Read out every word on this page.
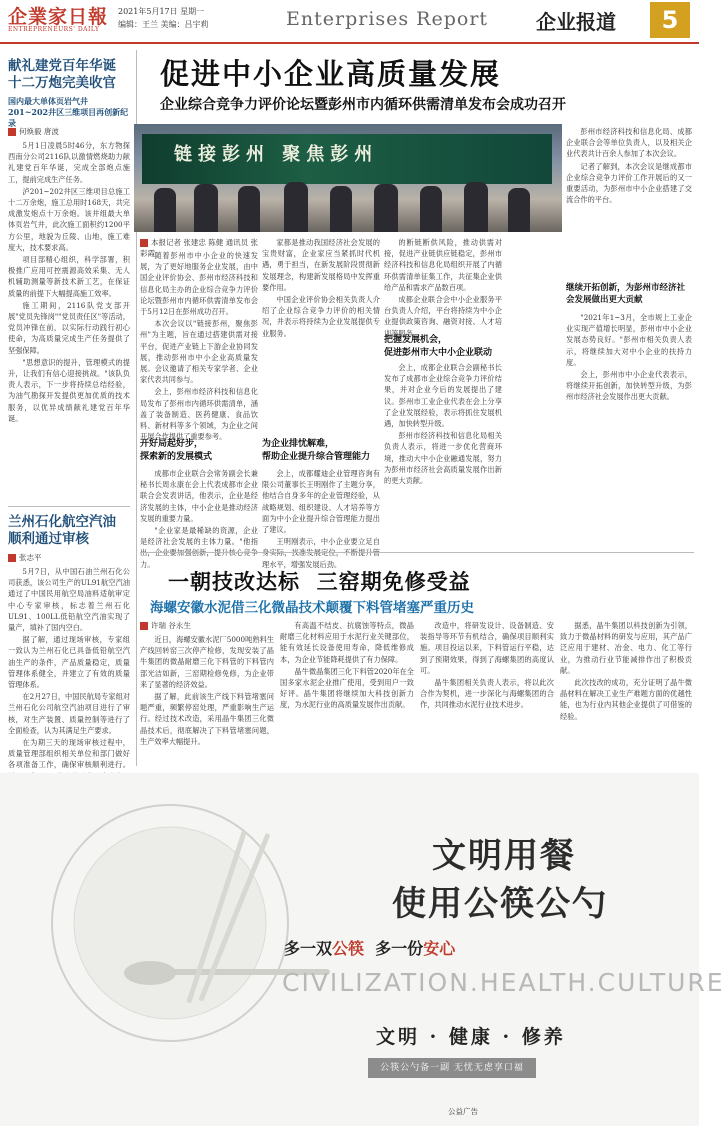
企業家日報
ENTREPRENEURS' DAILY
2021年5月17日 星期一
编辑：王兰 美编：吕宇莉	Enterprises Report 企业报道	5
献礼建党百年华诞
十二万炮完美收官
国内最大单体页岩气井 201~202井区三维项目再创新纪录
何焕毅 唐波

5月1日凌晨5时46分，东方物探西南分公司2116队以激情燃烧助力献礼建党百年华诞，完成全部炮点施工，提前完成生产任务。

泸201~202井区三维项目总施工十二万余炮，施工总用时168天，共完成激发炮点十万余炮。该井组最大单体页岩气井，此次施工面积约1200平方公里，地貌为丘陵、山地，施工难度大，技术要求高。

项目部精心组织，科学部署，积极推广应用可控震源高效采集、无人机辅助测量等新技术新工艺，在保证质量的前提下大幅提高施工效率。

施工期间，2116队党支部开展"党员先锋岗""党员责任区"等活动，党员冲锋在前，以实际行动践行初心使命，为高质量完成生产任务提供了坚强保障。

"思想意识的提升，管理模式的提升，让我们有信心迎接挑战。"该队负责人表示，下一步将持续总结经验，为油气勘探开发提供更加优质的技术服务，以优异成绩献礼建党百年华诞。

兰州石化航空汽油
顺利通过审核
张志平

5月7日，从中国石油兰州石化公司获悉，该公司生产的UL91航空汽油通过了中国民用航空局油料适航审定中心专家审核，标志着兰州石化UL91、100LL低铅航空汽油实现了量产，填补了国内空白。

据了解，通过现场审核，专家组一致认为兰州石化已具备低铅航空汽油生产的条件，产品质量稳定，质量管理体系健全，并建立了有效的质量管理体系。

在2月27日，中国民航局专家组对兰州石化公司航空汽油项目进行了审核，对生产装置、质量控制等进行了全面检查，认为其满足生产要求。

在为期三天的现场审核过程中，质量管理部组织相关单位和部门做好各项准备工作，确保审核顺利进行。

促进中小企业高质量发展
企业综合竞争力评价论坛暨彭州市内循环供需清单发布会成功召开
链接彭州 聚焦彭州
本报记者 张建忠 陈健 通讯员 张彩霞 随着彭州市中小企业的快速发展，为了更好地服务企业发展，由中国企业评价协会、彭州市经济科技和信息化局主办的企业综合竞争力评价论坛暨彭州市内循环供需清单发布会于5月12日在彭州成功召开。

本次会议以"链接彭州，聚焦彭州"为主题，旨在通过搭建供需对接平台，促进产业链上下游企业协同发展，推动彭州市中小企业高质量发展。会议邀请了相关专家学者、企业家代表共同参与。

会上，彭州市经济科技和信息化局发布了彭州市内循环供需清单，涵盖了装备制造、医药健康、食品饮料、新材料等多个领域，为企业之间开展合作提供了重要参考。

开好局起好步，
探索新的发展模式

成都市企业联合会常务副会长兼秘书长周永康在会上代表成都市企业联合会发表讲话，他表示，企业是经济发展的主体，中小企业是推动经济发展的重要力量。

"企业家是最稀缺的资源，企业是经济社会发展的主体力量。"他指 力。

家都是推动我国经济社会发展的宝贵财富，企业家应当紧抓时代机遇，勇于担当，在新发展阶段贯彻新发展理念，构建新发展格局中发挥重要作用。

中国企业评价协会相关负责人介绍了企业综合竞争力评价的相关情况，并表示将持续为企业发展提供专业服务。

为企业排忧解难，
帮助企业提升综合管理能力

会上，成都耀迪企业管理咨询有限公司董事长王明刚作了主题分享，他结合自身多年的企业管理经验，从战略规划、组织建设、人才培养等方面为中小企业提升综合管理能力提出了建议。

王明刚表示，中小企业要立足自 理水平，增强发展后劲。

的断链断供风险，推动供需对接，促进产业链供应链稳定，彭州市经济科技和信息化局组织开展了内循环供需清单征集工作，共征集企业供给产品和需求产品数百项。

成都企业联合会中小企业服务平台负责人介绍，平台将持续为中小企业提供政策咨询、融资对接、人才培训等服务。

把握发展机会，
促进彭州市大中小企业联动

会上，成都企业联合会副秘书长发布了成都市企业综合竞争力评价结果，并对企业今后的发展提出了建议。彭州市工业企业代表在会上分享了企业发展经验，表示将抓住发展机遇，加快转型升级。

彭州市经济科技和信息化局相关负责人表示，将进一步优化营商环境，推动大中小企业融通发展，努力为彭州市经济社会高质量发展作出新的更大贡献。

彭州市经济科技和信息化局、成都企业联合会等单位负责人，以及相关企业代表共计百余人参加了本次会议。

记者了解到，本次会议是继成都市企业综合竞争力评价工作开展后的又一重要活动，为彭州市中小企业搭建了交流合作的平台。

继续开拓创新，为彭州市经济社会发展做出更大贡献

"2021年1~3月，全市规上工业企业实现产值增长明显，彭州市中小企业发展态势良好。"彭州市相关负责人表示，将继续加大对中小企业的扶持力度。

会上，彭州市中小企业代表表示，将继续开拓创新，加快转型升级，为彭州市经济社会发展作出更大贡献。

一朝技改达标  三窑期免修受益
海螺安徽水泥借三化微晶技术颠覆下料管堵塞严重历史
许瑞 谷永生

近日，海螺安徽水泥厂5000吨熟料生产线回转窑三次停产检修，发现安装了晶牛集团的微晶耐磨三化下料管的下料管内部光洁如新，三窑期检修免修，为企业带来了显著的经济效益。

据了解，此前该生产线下料管堵塞问题严重，频繁停窑处理，严重影响生产运行。经过技术改造，采用晶牛集团三化微晶技术后，彻底解决了下料管堵塞问题，生产效率大幅提升。

有高温不结皮、抗腐蚀等特点，微晶耐磨三化材料应用于水泥行业关键部位，能有效延长设备使用寿命，降低维修成本，为企业节能降耗提供了有力保障。

晶牛微晶集团三化下料管2020年在全国多家水泥企业推广使用，受到用户一致好评。晶牛集团将继续加大科技创新力度，为水泥行业的高质量发展作出贡献。

改造中，将研发设计、设备制造、安装指导等环节有机结合，确保项目顺利实施。项目投运以来，下料管运行平稳，达到了预期效果，得到了海螺集团的高度认可。

晶牛集团相关负责人表示，将以此次合作为契机，进一步深化与海螺集团的合作，共同推动水泥行业技术进步。

据悉，晶牛集团以科技创新为引领，致力于微晶材料的研发与应用，其产品广泛应用于建材、冶金、电力、化工等行业，为推动行业节能减排作出了积极贡献。

此次技改的成功，充分证明了晶牛微晶材料在解决工业生产难题方面的优越性能，也为行业内其他企业提供了可借鉴的经验。

文明用餐
使用公筷公勺
多一双公筷 多一份安心
CIVILIZATION.HEALTH.CULTURE
文明 · 健康 · 修养
公筷公勺备一副 无忧无虑享口福
公益广告
